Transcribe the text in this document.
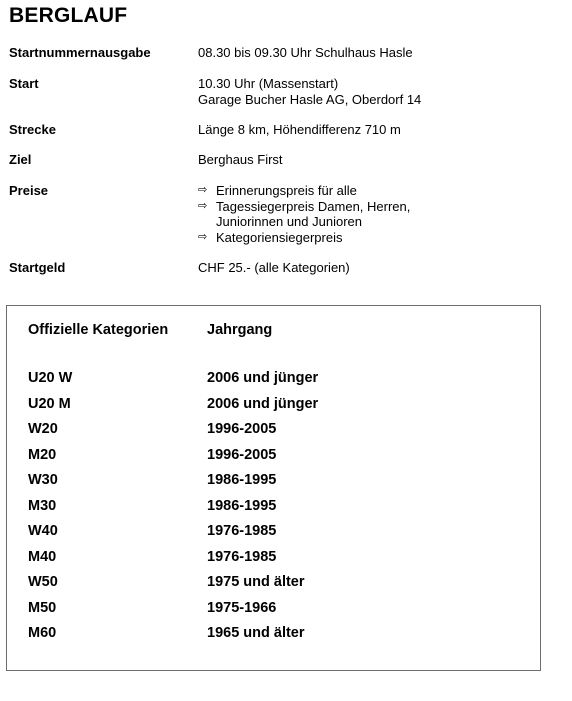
BERGLAUF
Startnummernausgabe	08.30 bis 09.30 Uhr Schulhaus Hasle
Start	10.30 Uhr (Massenstart)
Garage Bucher Hasle AG, Oberdorf 14
Strecke	Länge 8 km, Höhendifferenz 710 m
Ziel	Berghaus First
Preise	⇨ Erinnerungspreis für alle
⇨ Tagessiegerpreis Damen, Herren,
Juniorinnen und Junioren
⇨ Kategoriensiegerpreis
Startgeld	CHF 25.- (alle Kategorien)
Offizielle Kategorien	Jahrgang
U20 W	2006 und jünger
U20 M	2006 und jünger
W20	1996-2005
M20	1996-2005
W30	1986-1995
M30	1986-1995
W40	1976-1985
M40	1976-1985
W50	1975 und älter
M50	1975-1966
M60	1965 und älter
